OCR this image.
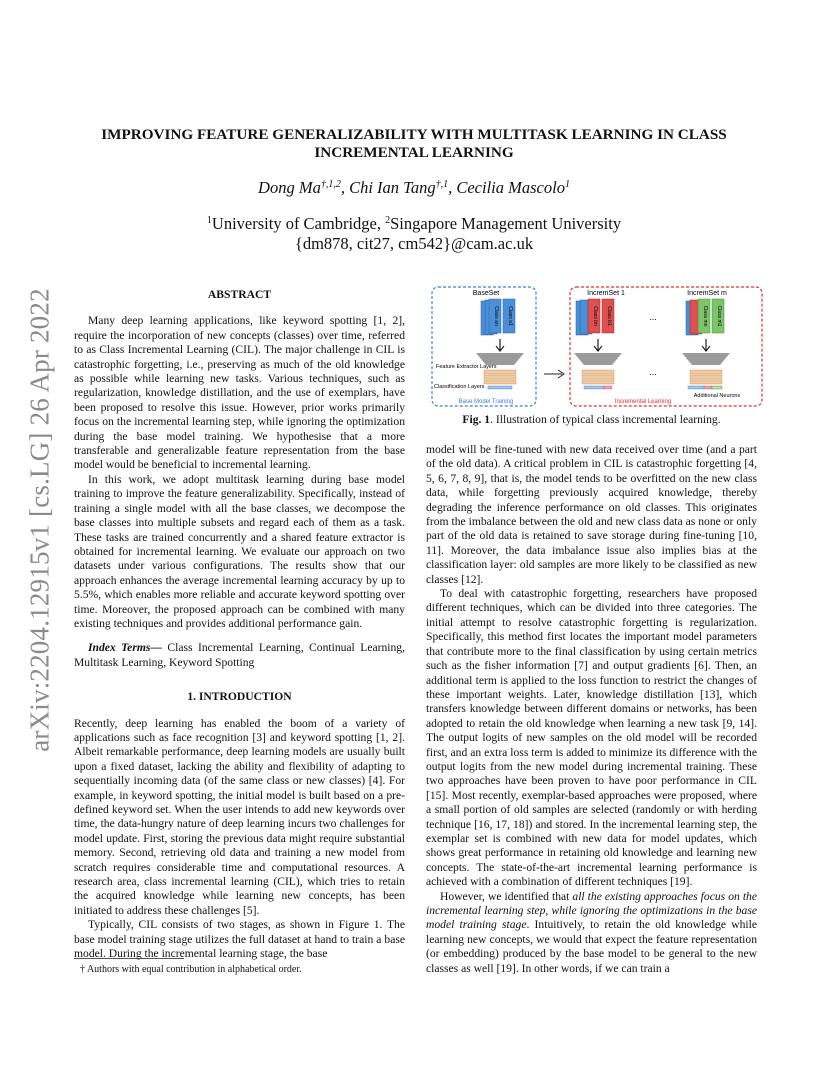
arXiv:2204.12915v1 [cs.LG] 26 Apr 2022
IMPROVING FEATURE GENERALIZABILITY WITH MULTITASK LEARNING IN CLASS INCREMENTAL LEARNING
Dong $Ma^{\dagger,1,2}$, Chi Ian Tang$^{\dagger,1}$, Cecilia Mascolo$^1$
$^1$University of Cambridge, $^2$Singapore Management University
{dm878, cit27, cm542}@cam.ac.uk
ABSTRACT

Many deep learning applications, like keyword spotting [1, 2], require the incorporation of new concepts (classes) over time, referred to as Class Incremental Learning (CIL). The major challenge in CIL is catastrophic forgetting, i.e., preserving as much of the old knowledge as possible while learning new tasks. Various techniques, such as regularization, knowledge distillation, and the use of exemplars, have been proposed to resolve this issue. However, prior works primarily focus on the incremental learning step, while ignoring the optimization during the base model training. We hypothesise that a more transferable and generalizable feature representation from the base model would be beneficial to incremental learning.

In this work, we adopt multitask learning during base model training to improve the feature generalizability. Specifically, instead of training a single model with all the base classes, we decompose the base classes into multiple subsets and regard each of them as a task. These tasks are trained concurrently and a shared feature extractor is obtained for incremental learning. We evaluate our approach on two datasets under various configurations. The results show that our approach enhances the average incremental learning accuracy by up to 5.5%, which enables more reliable and accurate keyword spotting over time. Moreover, the proposed approach can be combined with many existing techniques and provides additional performance gain.

Index Terms— Class Incremental Learning, Continual Learning, Multitask Learning, Keyword Spotting

1. INTRODUCTION

Recently, deep learning has enabled the boom of a variety of applications such as face recognition [3] and keyword spotting [1, 2]. Albeit remarkable performance, deep learning models are usually built upon a fixed dataset, lacking the ability and flexibility of adapting to sequentially incoming data (of the same class or new classes) [4]. For example, in keyword spotting, the initial model is built based on a pre-defined keyword set. When the user intends to add new keywords over time, the data-hungry nature of deep learning incurs two challenges for model update. First, storing the previous data might require substantial memory. Second, retrieving old data and training a new model from scratch requires considerable time and computational resources. A research area, class incremental learning (CIL), which tries to retain the acquired knowledge while learning new concepts, has been initiated to address these challenges [5].

Typically, CIL consists of two stages, as shown in Figure 1. The base model training stage utilizes the full dataset at hand to train a base model. During the incremental learning stage, the base

† Authors with equal contribution in alphabetical order.
BaseSet
Class an Class a1
Feature Extractor Layers
Classification Layers
Base Model Training
IncremSet 1	IncremSet m
Class bn Class b1	...	Class mn Class m1
...
Incremental Learning
Additional Neurons
Fig. 1. Illustration of typical class incremental learning.

model will be fine-tuned with new data received over time (and a part of the old data). A critical problem in CIL is catastrophic forgetting [4, 5, 6, 7, 8, 9], that is, the model tends to be overfitted on the new class data, while forgetting previously acquired knowledge, thereby degrading the inference performance on old classes. This originates from the imbalance between the old and new class data as none or only part of the old data is retained to save storage during fine-tuning [10, 11]. Moreover, the data imbalance issue also implies bias at the classification layer: old samples are more likely to be classified as new classes [12].

To deal with catastrophic forgetting, researchers have proposed different techniques, which can be divided into three categories. The initial attempt to resolve catastrophic forgetting is regularization. Specifically, this method first locates the important model parameters that contribute more to the final classification by using certain metrics such as the fisher information [7] and output gradients [6]. Then, an additional term is applied to the loss function to restrict the changes of these important weights. Later, knowledge distillation [13], which transfers knowledge between different domains or networks, has been adopted to retain the old knowledge when learning a new task [9, 14]. The output logits of new samples on the old model will be recorded first, and an extra loss term is added to minimize its difference with the output logits from the new model during incremental training. These two approaches have been proven to have poor performance in CIL [15]. Most recently, exemplar-based approaches were proposed, where a small portion of old samples are selected (randomly or with herding technique [16, 17, 18]) and stored. In the incremental learning step, the exemplar set is combined with new data for model updates, which shows great performance in retaining old knowledge and learning new concepts. The state-of-the-art incremental learning performance is achieved with a combination of different techniques [19].

However, we identified that all the existing approaches focus on the incremental learning step, while ignoring the optimizations in the base model training stage. Intuitively, to retain the old knowledge while learning new concepts, we would that expect the feature representation (or embedding) produced by the base model to be general to the new classes as well [19]. In other words, if we can train a
